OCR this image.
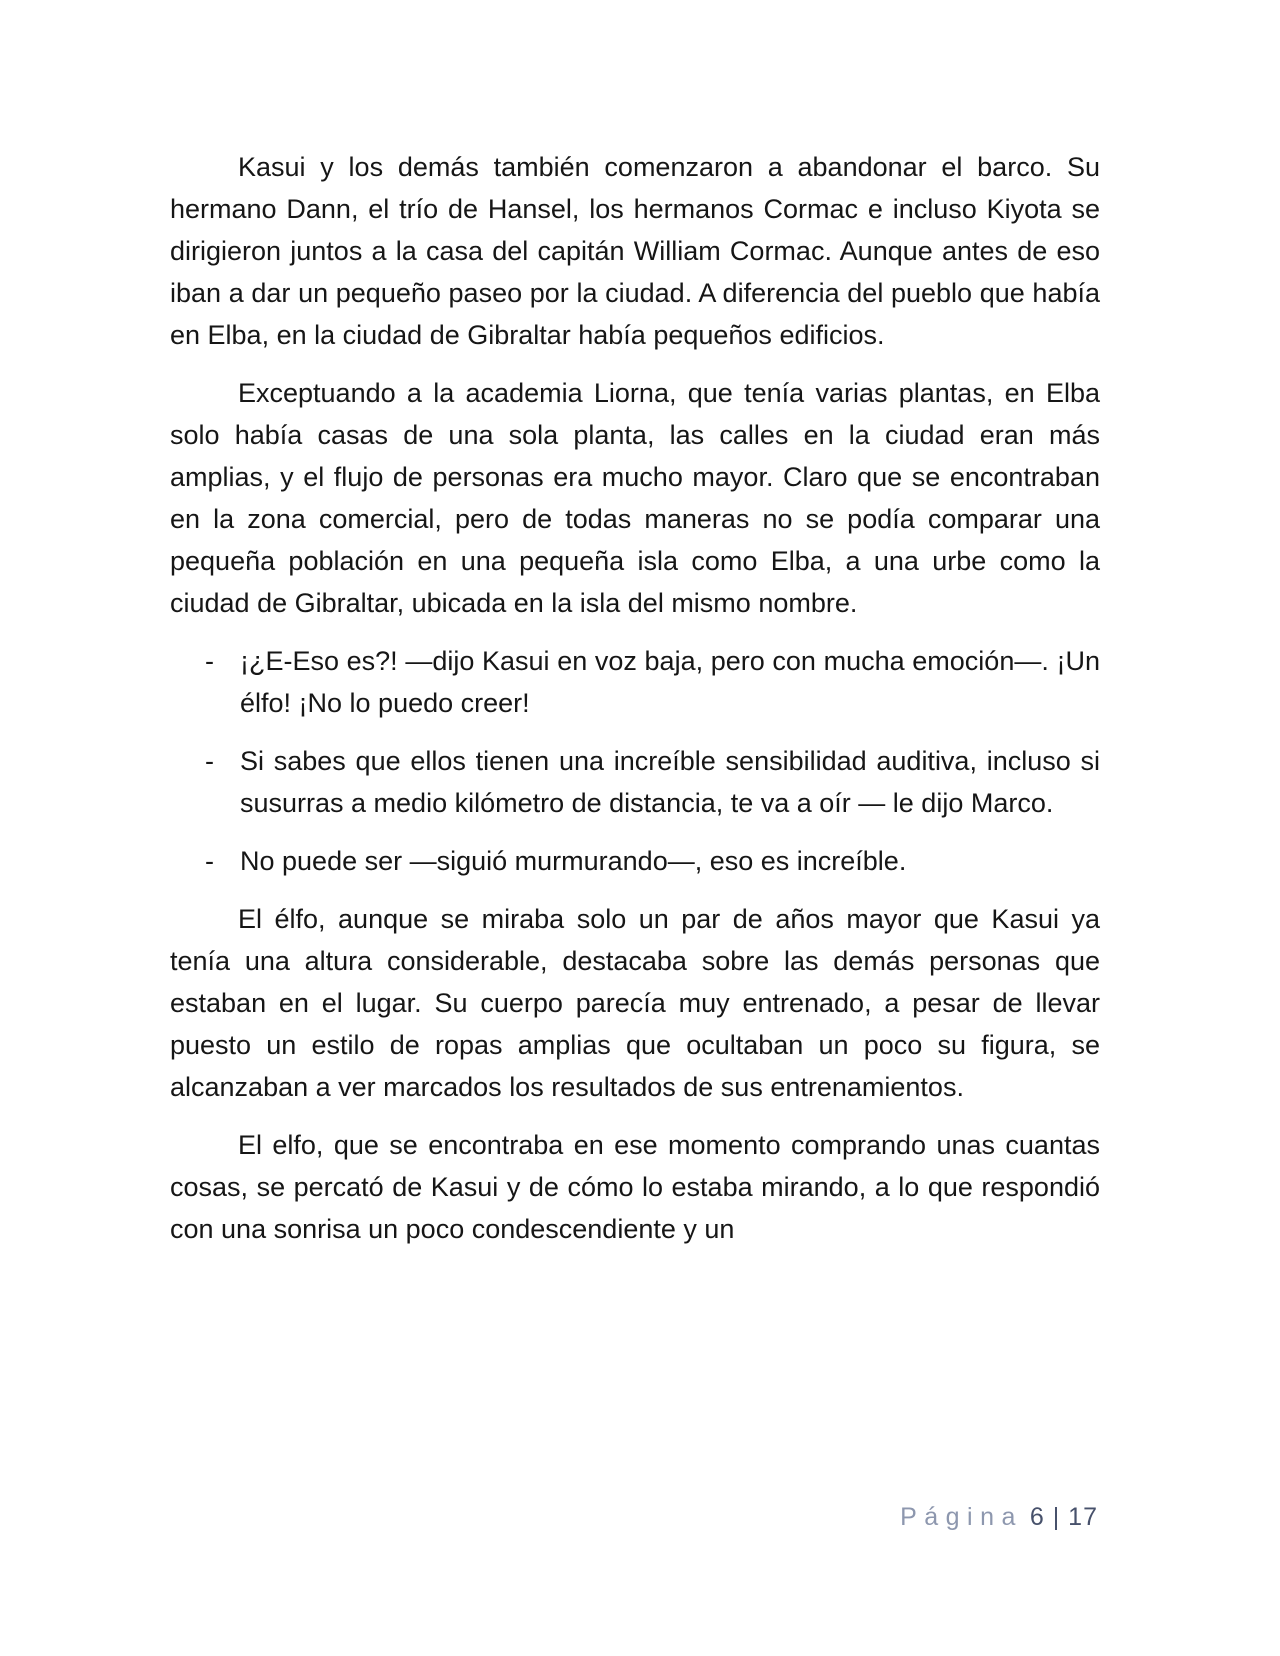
Kasui y los demás también comenzaron a abandonar el barco. Su hermano Dann, el trío de Hansel, los hermanos Cormac e incluso Kiyota se dirigieron juntos a la casa del capitán William Cormac. Aunque antes de eso iban a dar un pequeño paseo por la ciudad. A diferencia del pueblo que había en Elba, en la ciudad de Gibraltar había pequeños edificios.

Exceptuando a la academia Liorna, que tenía varias plantas, en Elba solo había casas de una sola planta, las calles en la ciudad eran más amplias, y el flujo de personas era mucho mayor. Claro que se encontraban en la zona comercial, pero de todas maneras no se podía comparar una pequeña población en una pequeña isla como Elba, a una urbe como la ciudad de Gibraltar, ubicada en la isla del mismo nombre.

- ¡¿E-Eso es?! —dijo Kasui en voz baja, pero con mucha emoción—. ¡Un élfo! ¡No lo puedo creer!

- Si sabes que ellos tienen una increíble sensibilidad auditiva, incluso si susurras a medio kilómetro de distancia, te va a oír — le dijo Marco.

- No puede ser —siguió murmurando—, eso es increíble.

El élfo, aunque se miraba solo un par de años mayor que Kasui ya tenía una altura considerable, destacaba sobre las demás personas que estaban en el lugar. Su cuerpo parecía muy entrenado, a pesar de llevar puesto un estilo de ropas amplias que ocultaban un poco su figura, se alcanzaban a ver marcados los resultados de sus entrenamientos.

El elfo, que se encontraba en ese momento comprando unas cuantas cosas, se percató de Kasui y de cómo lo estaba mirando, a lo que respondió con una sonrisa un poco condescendiente y un

Página 6 | 17
